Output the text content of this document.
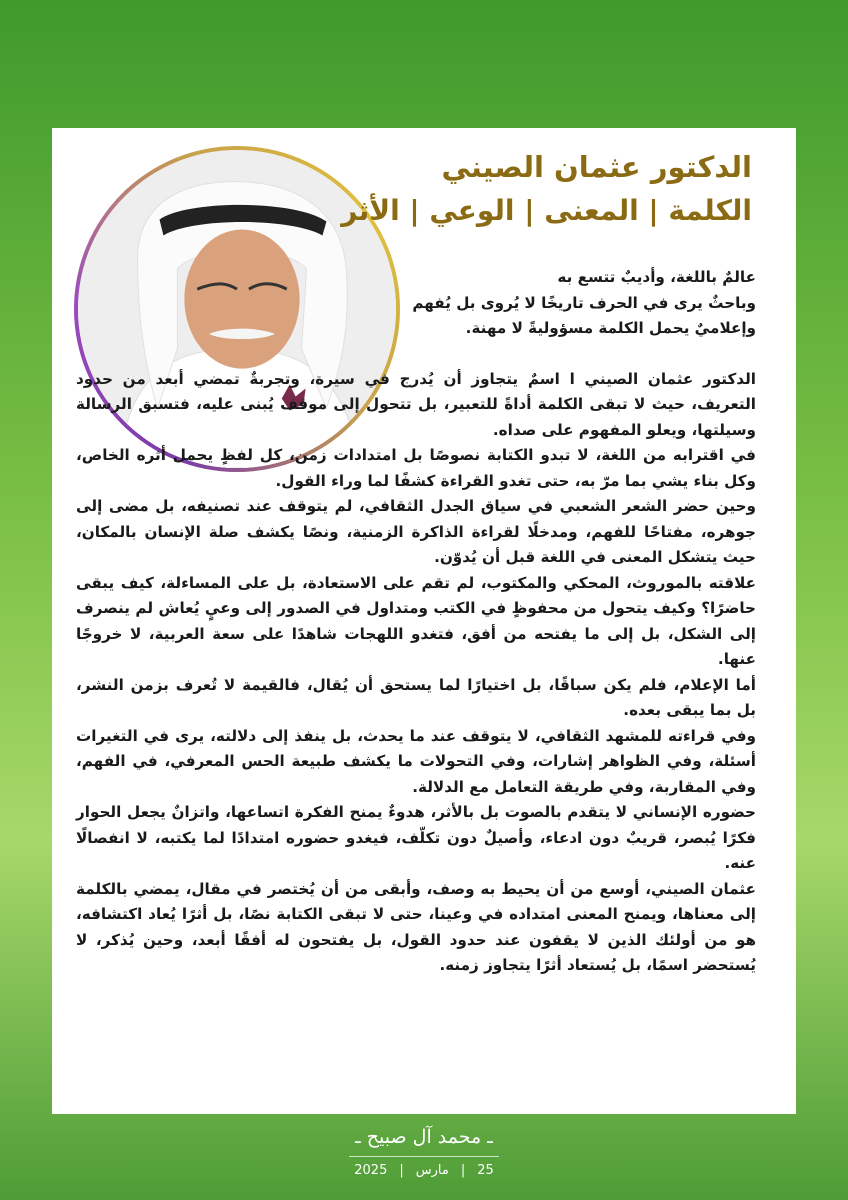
الدكتور عثمان الصيني
الكلمة | المعنى | الوعي | الأثر

عالمٌ باللغة، وأديبٌ تتسع به

وباحثٌ يرى في الحرف تاريخًا لا يُروى بل يُفهم

وإعلاميٌ يحمل الكلمة مسؤوليةً لا مهنة.

الدكتور عثمان الصيني ا اسمٌ يتجاوز أن يُدرج في سيرة، وتجربةٌ تمضي أبعد من حدود التعريف، حيث لا تبقى الكلمة أداةً للتعبير، بل تتحول إلى موقف يُبنى عليه، فتسبق الرسالة وسيلتها، ويعلو المفهوم على صداه.

في اقترابه من اللغة، لا تبدو الكتابة نصوصًا بل امتدادات زمن، كل لفظٍ يحمل أثره الخاص، وكل بناء يشي بما مرّ به، حتى تغدو القراءة كشفًا لما وراء القول.

وحين حضر الشعر الشعبي في سياق الجدل الثقافي، لم يتوقف عند تصنيفه، بل مضى إلى جوهره، مفتاحًا للفهم، ومدخلًا لقراءة الذاكرة الزمنية، ونصًا يكشف صلة الإنسان بالمكان، حيث يتشكل المعنى في اللغة قبل أن يُدوّن.

علاقته بالموروث، المحكي والمكتوب، لم تقم على الاستعادة، بل على المساءلة، كيف يبقى حاضرًا؟ وكيف يتحول من محفوظٍ في الكتب ومتداول في الصدور إلى وعيٍ يُعاش لم ينصرف إلى الشكل، بل إلى ما يفتحه من أفق، فتغدو اللهجات شاهدًا على سعة العربية، لا خروجًا عنها.

أما الإعلام، فلم يكن سباقًا، بل اختيارًا لما يستحق أن يُقال، فالقيمة لا تُعرف بزمن النشر، بل بما يبقى بعده.

وفي قراءته للمشهد الثقافي، لا يتوقف عند ما يحدث، بل ينفذ إلى دلالته، يرى في التغيرات أسئلة، وفي الظواهر إشارات، وفي التحولات ما يكشف طبيعة الحس المعرفي، في الفهم، وفي المقاربة، وفي طريقة التعامل مع الدلالة.

حضوره الإنساني لا يتقدم بالصوت بل بالأثر، هدوءٌ يمنح الفكرة اتساعها، واتزانٌ يجعل الحوار فكرًا يُبصر، قريبٌ دون ادعاء، وأصيلٌ دون تكلّف، فيغدو حضوره امتدادًا لما يكتبه، لا انفصالًا عنه.

عثمان الصيني، أوسع من أن يحيط به وصف، وأبقى من أن يُختصر في مقال، يمضي بالكلمة إلى معناها، ويمنح المعنى امتداده في وعينا، حتى لا تبقى الكتابة نصًا، بل أثرًا يُعاد اكتشافه، هو من أولئك الذين لا يقفون عند حدود القول، بل يفتحون له أفقًا أبعد، وحين يُذكر، لا يُستحضر اسمًا، بل يُستعاد أثرًا يتجاوز زمنه.

ـ محمد آل صبيح ـ
25|مارس|2025
